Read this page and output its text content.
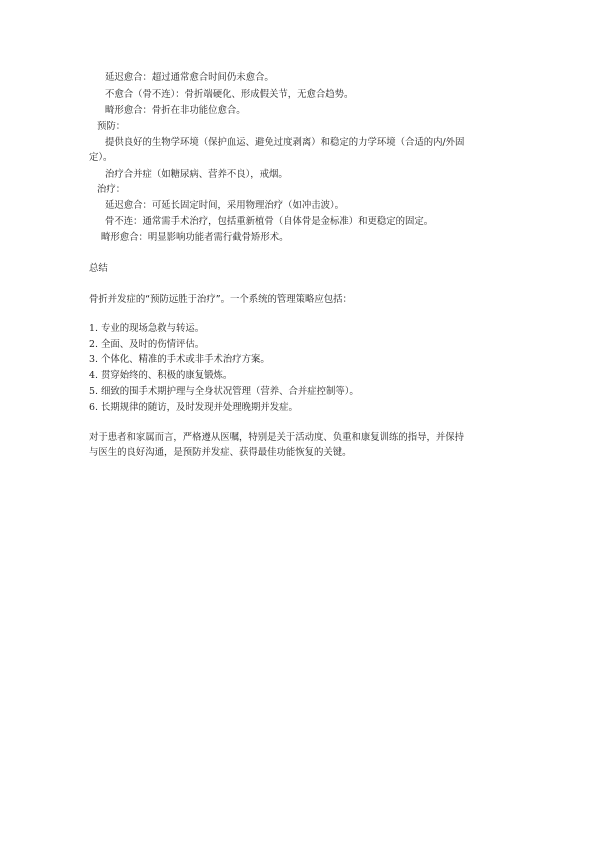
延迟愈合：超过通常愈合时间仍未愈合。
不愈合（骨不连）：骨折端硬化、形成假关节，无愈合趋势。
畸形愈合：骨折在非功能位愈合。
预防：
提供良好的生物学环境（保护血运、避免过度剥离）和稳定的力学环境（合适的内/外固
定）。
治疗合并症（如糖尿病、营养不良），戒烟。
治疗：
延迟愈合：可延长固定时间，采用物理治疗（如冲击波）。
骨不连：通常需手术治疗，包括重新植骨（自体骨是金标准）和更稳定的固定。
畸形愈合：明显影响功能者需行截骨矫形术。
总结
骨折并发症的“预防远胜于治疗”。一个系统的管理策略应包括：
1. 专业的现场急救与转运。
2. 全面、及时的伤情评估。
3. 个体化、精准的手术或非手术治疗方案。
4. 贯穿始终的、积极的康复锻炼。
5. 细致的围手术期护理与全身状况管理（营养、合并症控制等）。
6. 长期规律的随访，及时发现并处理晚期并发症。
对于患者和家属而言，严格遵从医嘱，特别是关于活动度、负重和康复训练的指导，并保持
与医生的良好沟通，是预防并发症、获得最佳功能恢复的关键。
